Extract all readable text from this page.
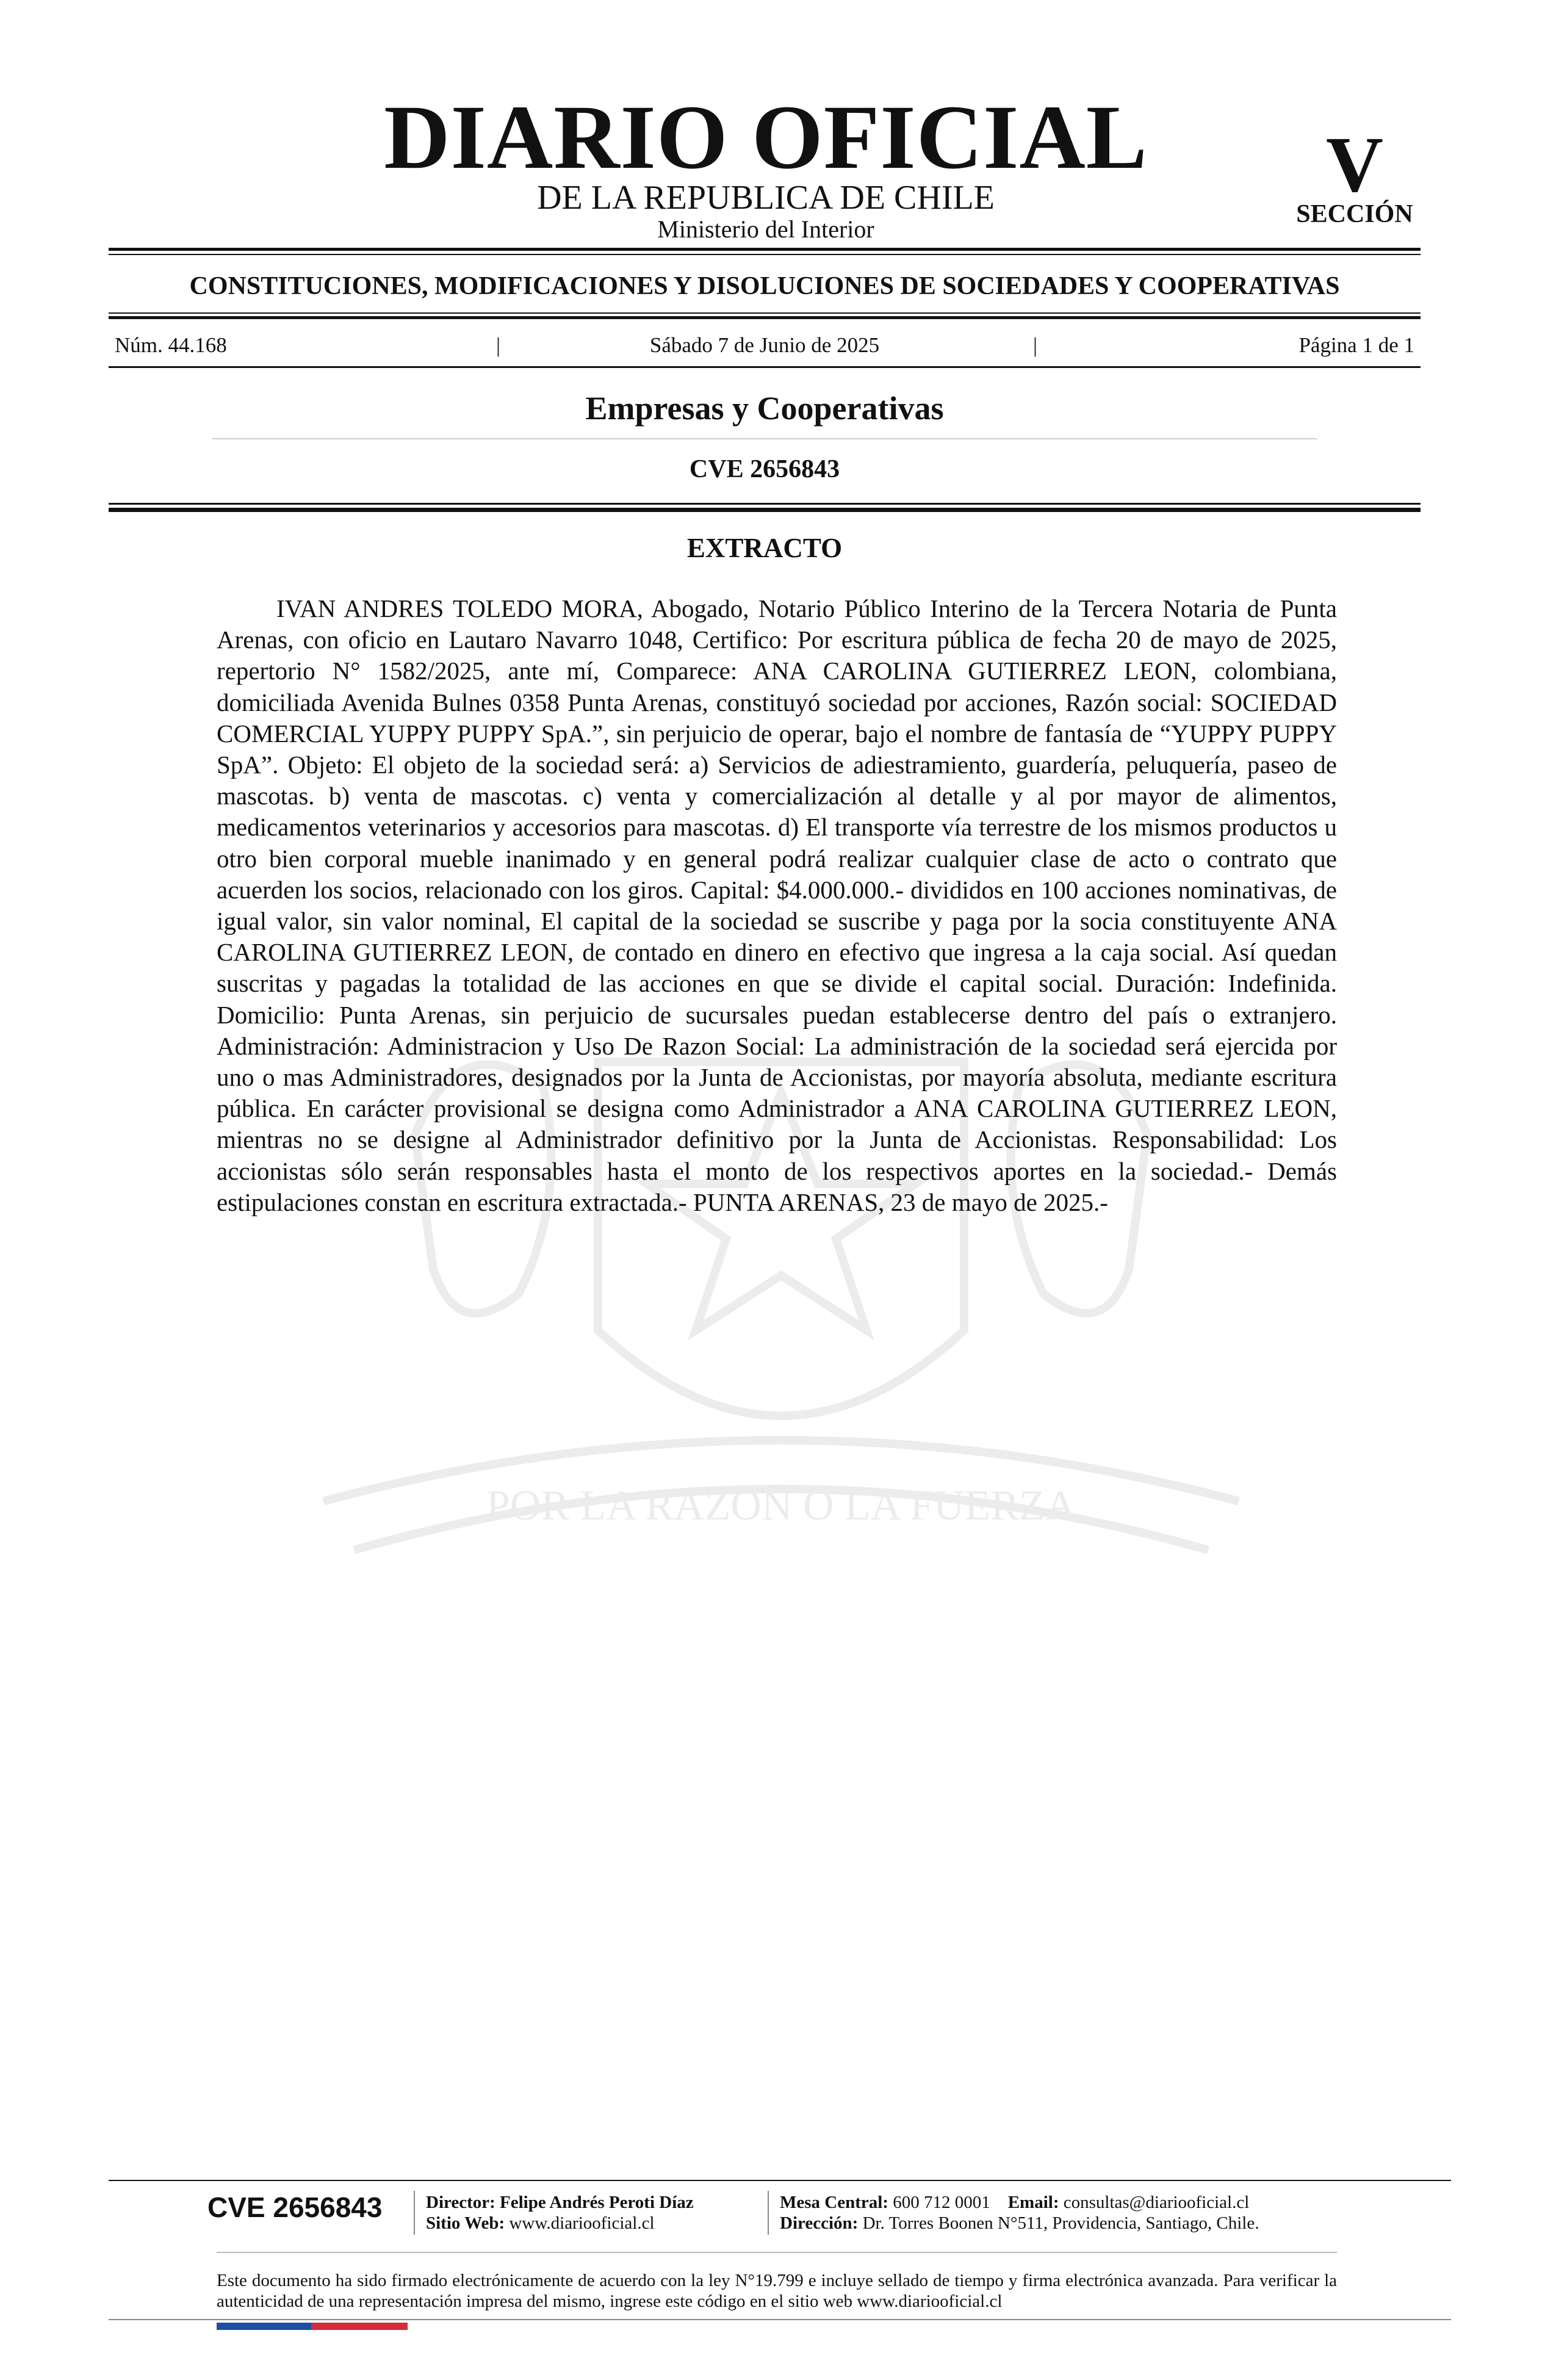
POR LA RAZON O LA FUERZA
DIARIO OFICIAL
DE LA REPUBLICA DE CHILE
Ministerio del Interior
V
SECCIÓN
CONSTITUCIONES, MODIFICACIONES Y DISOLUCIONES DE SOCIEDADES Y COOPERATIVAS
Núm. 44.168	|	Sábado 7 de Junio de 2025	|	Página 1 de 1
Empresas y Cooperativas
CVE 2656843
EXTRACTO

IVAN ANDRES TOLEDO MORA, Abogado, Notario Público Interino de la Tercera Notaria de Punta Arenas, con oficio en Lautaro Navarro 1048, Certifico: Por escritura pública de fecha 20 de mayo de 2025, repertorio N° 1582/2025, ante mí, Comparece: ANA CAROLINA GUTIERREZ LEON, colombiana, domiciliada Avenida Bulnes 0358 Punta Arenas, constituyó sociedad por acciones, Razón social: SOCIEDAD COMERCIAL YUPPY PUPPY SpA.”, sin perjuicio de operar, bajo el nombre de fantasía de “YUPPY PUPPY SpA”. Objeto: El objeto de la sociedad será: a) Servicios de adiestramiento, guardería, peluquería, paseo de mascotas. b) venta de mascotas. c) venta y comercialización al detalle y al por mayor de alimentos, medicamentos veterinarios y accesorios para mascotas. d) El transporte vía terrestre de los mismos productos u otro bien corporal mueble inanimado y en general podrá realizar cualquier clase de acto o contrato que acuerden los socios, relacionado con los giros. Capital: $4.000.000.- divididos en 100 acciones nominativas, de igual valor, sin valor nominal, El capital de la sociedad se suscribe y paga por la socia constituyente ANA CAROLINA GUTIERREZ LEON, de contado en dinero en efectivo que ingresa a la caja social. Así quedan suscritas y pagadas la totalidad de las acciones en que se divide el capital social. Duración: Indefinida. Domicilio: Punta Arenas, sin perjuicio de sucursales puedan establecerse dentro del país o extranjero. Administración: Administracion y Uso De Razon Social: La administración de la sociedad será ejercida por uno o mas Administradores, designados por la Junta de Accionistas, por mayoría absoluta, mediante escritura pública. En carácter provisional se designa como Administrador a ANA CAROLINA GUTIERREZ LEON, mientras no se designe al Administrador definitivo por la Junta de Accionistas. Responsabilidad: Los accionistas sólo serán responsables hasta el monto de los respectivos aportes en la sociedad.- Demás estipulaciones constan en escritura extractada.- PUNTA ARENAS, 23 de mayo de 2025.-

CVE 2656843	Director: Felipe Andrés Peroti Díaz
Sitio Web: www.diariooficial.cl
Mesa Central: 600 712 0001 Email: consultas@diariooficial.cl
Dirección: Dr. Torres Boonen N°511, Providencia, Santiago, Chile.

Este documento ha sido firmado electrónicamente de acuerdo con la ley N°19.799 e incluye sellado de tiempo y firma electrónica avanzada. Para verificar la autenticidad de una representación impresa del mismo, ingrese este código en el sitio web www.diariooficial.cl
